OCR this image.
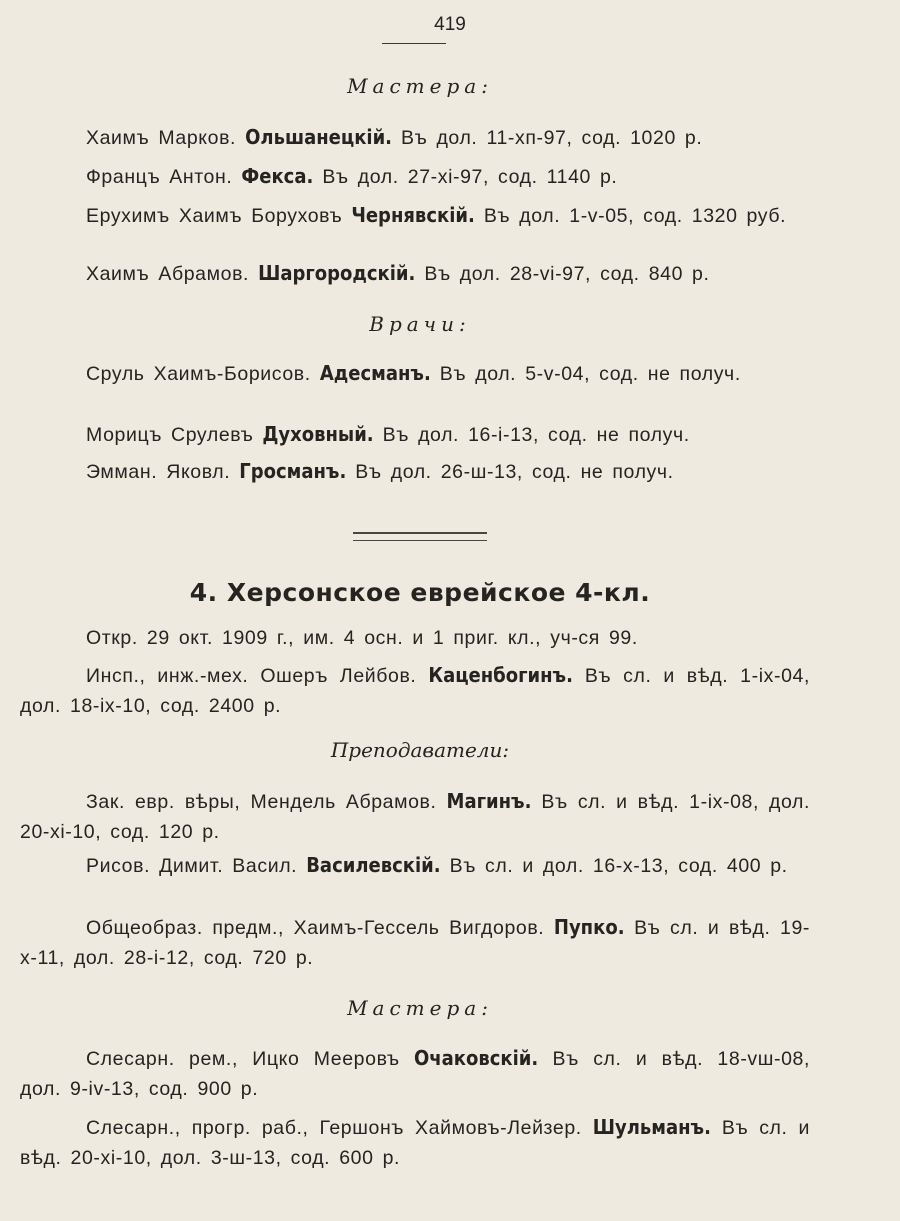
419
Мастера:
Хаимъ Марков. Ольшанецкій. Въ дол. 11-хп-97, сод. 1020 р.
Францъ Антон. Фекса. Въ дол. 27-хі-97, сод. 1140 р.
Ерухимъ Хаимъ Боруховъ Чернявскій. Въ дол. 1-v-05, сод. 1320 руб.
Хаимъ Абрамов. Шаргородскій. Въ дол. 28-vі-97, сод. 840 р.
Врачи:
Сруль Хаимъ-Борисов. Адесманъ. Въ дол. 5-v-04, сод. не получ.
Морицъ Срулевъ Духовный. Въ дол. 16-і-13, сод. не получ.
Эмман. Яковл. Гросманъ. Въ дол. 26-ш-13, сод. не получ.
4. Херсонское еврейское 4-кл.
Откр. 29 окт. 1909 г., им. 4 осн. и 1 приг. кл., уч-ся 99.
Инсп., инж.-мех. Ошеръ Лейбов. Каценбогинъ. Въ сл. и вѣд. 1-іх-04, дол. 18-іх-10, сод. 2400 р.
Преподаватели:
Зак. евр. вѣры, Мендель Абрамов. Магинъ. Въ сл. и вѣд. 1-іх-08, дол. 20-хі-10, сод. 120 р.
Рисов. Димит. Васил. Василевскій. Въ сл. и дол. 16-х-13, сод. 400 р.
Общеобраз. предм., Хаимъ-Гессель Вигдоров. Пупко. Въ сл. и вѣд. 19-х-11, дол. 28-і-12, сод. 720 р.
Мастера:
Слесарн. рем., Ицко Мееровъ Очаковскій. Въ сл. и вѣд. 18-vш-08, дол. 9-іv-13, сод. 900 р.
Слесарн., прогр. раб., Гершонъ Хаймовъ-Лейзер. Шульманъ. Въ сл. и вѣд. 20-хі-10, дол. 3-ш-13, сод. 600 р.
